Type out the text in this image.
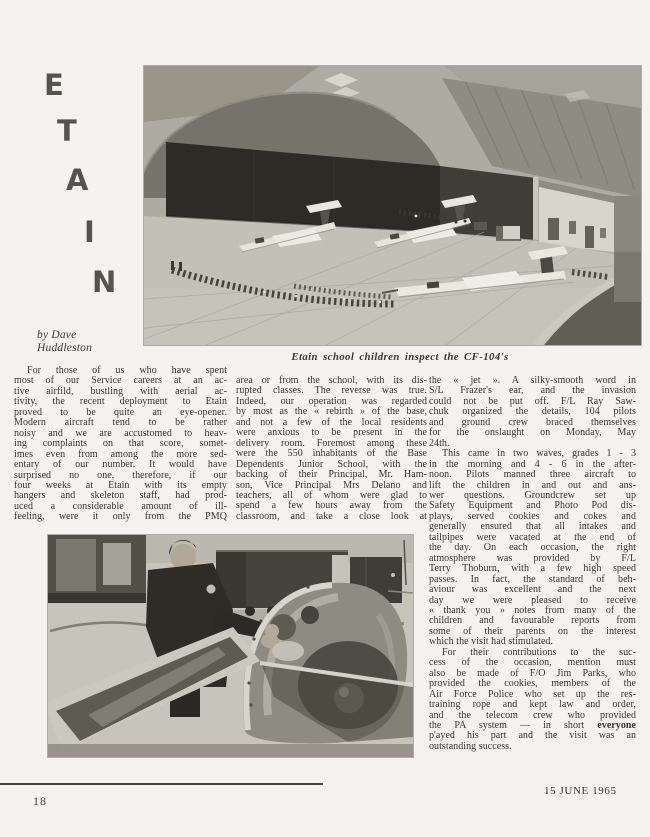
E
T
A
I
N
by Dave
Huddleston
Etain school children inspect the CF-104's
For those of us who have spent
most of our Service careers at an ac-
tive airfild, bustling with aerial ac-
tivity, the recent deployment to Etain
proved to be quite an eye-opener.
Modern aircraft tend to be rather
noisy and we are accustomed to heav-
ing complaints on that score, somet-
imes even from among the more sed-
entary of our number. It would have
surprised no one, therefore, if our
four weeks at Etain with its empty
hangers and skeleton staff, had prod-
uced a considerable amount of ill-
feeling, were it only from the PMQ
area or from the school, with its dis-
rupted classes. The reverse was true.
Indeed, our operation was regarded
by most as the « rebirth » of the base,
and not a few of the local residents
were anxious to be present in the
delivery room. Foremost among these
were the 550 inhabitants of the Base
Dependents Junior School, with the
backing of their Principal, Mr. Ham-
son, Vice Principal Mrs Delano and
teachers, all of whom were glad to
spend a few hours away from the
classroom, and take a close look at
the « jet ». A silky-smooth word in
S/L Frazer's ear, and the invasion
could not be put off. F/L Ray Saw-
chuk organized the details, 104 pilots
and ground crew braced themselves
for the onslaught on Monday, May
24th.
This came in two waves, grades 1 - 3
in the morning and 4 - 6 in the after-
noon. Pilots manned three aircraft to
lift the children in and out and ans-
wer questions. Groundcrew set up
Safety Equipment and Photo Pod dis-
plays, served cookies and cokes and
generally ensured that all intakes and
tailpipes were vacated at the end of
the day. On each occasion, the right
atmosphere was provided by F/L
Terry Thoburn, with a few high speed
passes. In fact, the standard of beh-
aviour was excellent and the next
day we were pleased to receive
« thank you » notes from many of the
children and favourable reports from
some of their parents on the interest
which the visit had stimulated.
For their contributions to the suc-
cess of the occasion, mention must
also be made of F/O Jim Parks, who
provided the cookies, members of the
Air Force Police who set up the res-
training rope and kept law and order,
and the telecom crew who provided
the PA system — in short everyone
p'ayed his part and the visit was an
outstanding success.
18
15 JUNE 1965
